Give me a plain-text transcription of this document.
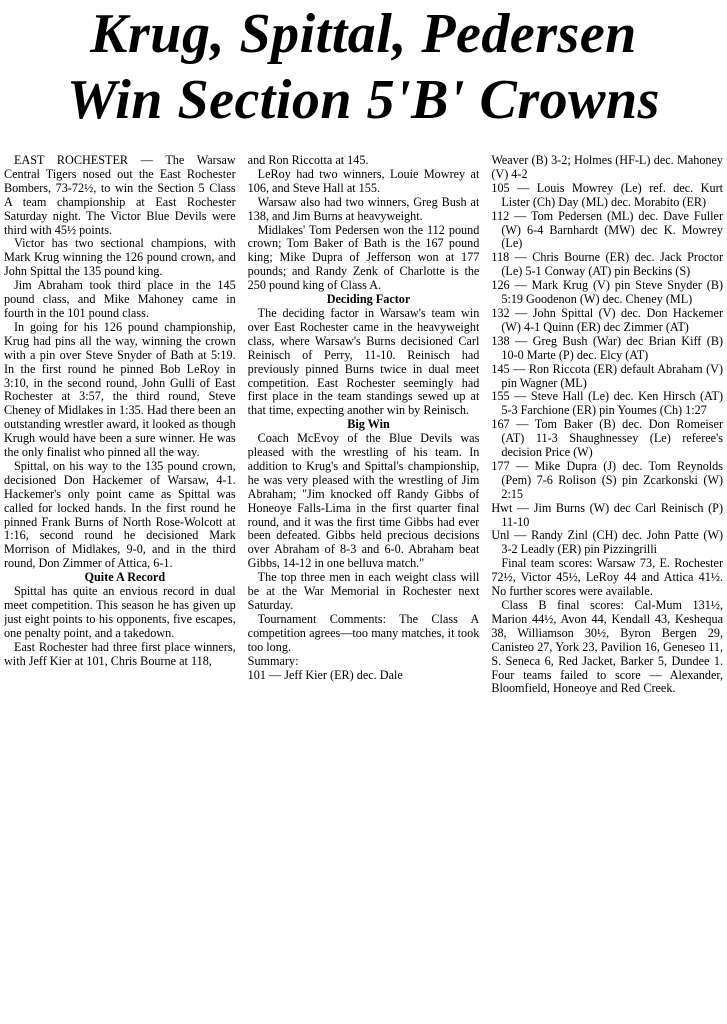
Krug, Spittal, Pedersen
Win Section 5'B' Crowns

EAST ROCHESTER — The Warsaw Central Tigers nosed out the East Rochester Bombers, 73-72½, to win the Section 5 Class A team championship at East Rochester Saturday night. The Victor Blue Devils were third with 45½ points.

Victor has two sectional champions, with Mark Krug winning the 126 pound crown, and John Spittal the 135 pound king.

Jim Abraham took third place in the 145 pound class, and Mike Mahoney came in fourth in the 101 pound class.

In going for his 126 pound championship, Krug had pins all the way, winning the crown with a pin over Steve Snyder of Bath at 5:19. In the first round he pinned Bob LeRoy in 3:10, in the second round, John Gulli of East Rochester at 3:57, the third round, Steve Cheney of Midlakes in 1:35. Had there been an outstanding wrestler award, it looked as though Krugh would have been a sure winner. He was the only finalist who pinned all the way.

Spittal, on his way to the 135 pound crown, decisioned Don Hackemer of Warsaw, 4-1. Hackemer's only point came as Spittal was called for locked hands. In the first round he pinned Frank Burns of North Rose-Wolcott at 1:16, second round he decisioned Mark Morrison of Midlakes, 9-0, and in the third round, Don Zimmer of Attica, 6-1.

Quite A Record

Spittal has quite an envious record in dual meet competition. This season he has given up just eight points to his opponents, five escapes, one penalty point, and a takedown.

East Rochester had three first place winners, with Jeff Kier at 101, Chris Bourne at 118,

and Ron Riccotta at 145.

LeRoy had two winners, Louie Mowrey at 106, and Steve Hall at 155.

Warsaw also had two winners, Greg Bush at 138, and Jim Burns at heavyweight.

Midlakes' Tom Pedersen won the 112 pound crown; Tom Baker of Bath is the 167 pound king; Mike Dupra of Jefferson won at 177 pounds; and Randy Zenk of Charlotte is the 250 pound king of Class A.

Deciding Factor

The deciding factor in Warsaw's team win over East Rochester came in the heavyweight class, where Warsaw's Burns decisioned Carl Reinisch of Perry, 11-10. Reinisch had previously pinned Burns twice in dual meet competition. East Rochester seemingly had first place in the team standings sewed up at that time, expecting another win by Reinisch.

Big Win

Coach McEvoy of the Blue Devils was pleased with the wrestling of his team. In addition to Krug's and Spittal's championship, he was very pleased with the wrestling of Jim Abraham; "Jim knocked off Randy Gibbs of Honeoye Falls-Lima in the first quarter final round, and it was the first time Gibbs had ever been defeated. Gibbs held precious decisions over Abraham of 8-3 and 6-0. Abraham beat Gibbs, 14-12 in one belluva match."

The top three men in each weight class will be at the War Memorial in Rochester next Saturday.

Tournament Comments: The Class A competition agrees—too many matches, it took too long.

Summary:

101 — Jeff Kier (ER) dec. Dale

Weaver (B) 3-2; Holmes (HF-L) dec. Mahoney (V) 4-2

105 — Louis Mowrey (Le) ref. dec. Kurt Lister (Ch) Day (ML) dec. Morabito (ER)

112 — Tom Pedersen (ML) dec. Dave Fuller (W) 6-4 Barnhardt (MW) dec K. Mowrey (Le)

118 — Chris Bourne (ER) dec. Jack Proctor (Le) 5-1 Conway (AT) pin Beckins (S)

126 — Mark Krug (V) pin Steve Snyder (B) 5:19 Goodenon (W) dec. Cheney (ML)

132 — John Spittal (V) dec. Don Hackemer (W) 4-1 Quinn (ER) dec Zimmer (AT)

138 — Greg Bush (War) dec Brian Kiff (B) 10-0 Marte (P) dec. Elcy (AT)

145 — Ron Riccota (ER) default Abraham (V) pin Wagner (ML)

155 — Steve Hall (Le) dec. Ken Hirsch (AT) 5-3 Farchione (ER) pin Youmes (Ch) 1:27

167 — Tom Baker (B) dec. Don Romeiser (AT) 11-3 Shaughnessey (Le) referee's decision Price (W)

177 — Mike Dupra (J) dec. Tom Reynolds (Pem) 7-6 Rolison (S) pin Zcarkonski (W) 2:15

Hwt — Jim Burns (W) dec Carl Reinisch (P) 11-10

Unl — Randy Zinl (CH) dec. John Patte (W) 3-2 Leadly (ER) pin Pizzingrilli

Final team scores: Warsaw 73, E. Rochester 72½, Victor 45½, LeRoy 44 and Attica 41½. No further scores were available.

Class B final scores: Cal-Mum 131½, Marion 44½, Avon 44, Kendall 43, Keshequa 38, Williamson 30½, Byron Bergen 29, Canisteo 27, York 23, Pavilion 16, Geneseo 11, S. Seneca 6, Red Jacket, Barker 5, Dundee 1. Four teams failed to score — Alexander, Bloomfield, Honeoye and Red Creek.
